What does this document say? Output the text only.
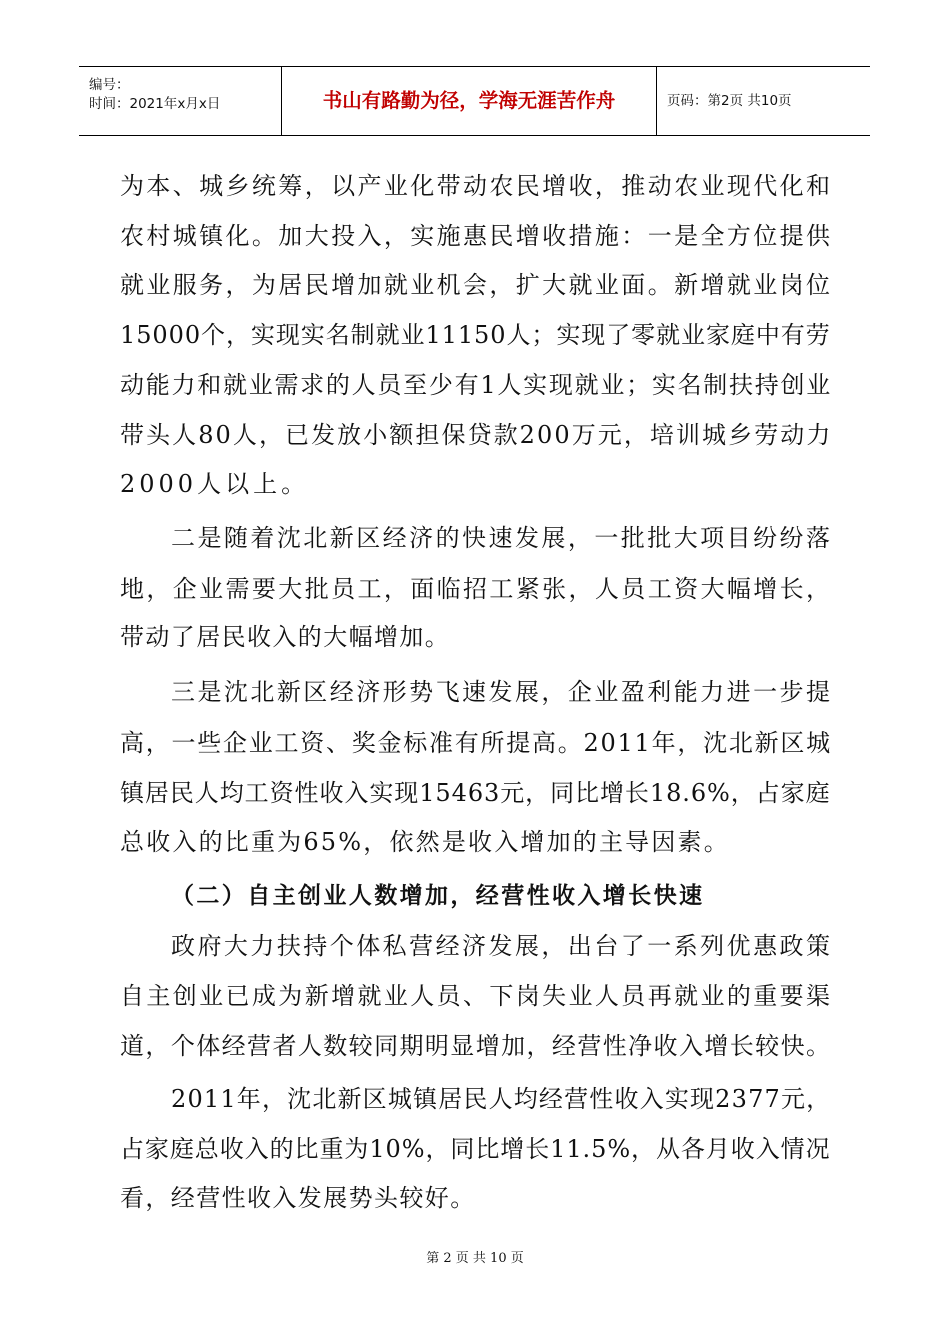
编号：
时间：2021年x月x日	书山有路勤为径，学海无涯苦作舟	页码：第2页 共10页
为本、城乡统筹，以产业化带动农民增收，推动农业现代化和
农村城镇化。加大投入，实施惠民增收措施：一是全方位提供
就业服务，为居民增加就业机会，扩大就业面。新增就业岗位
15000个，实现实名制就业11150人；实现了零就业家庭中有劳
动能力和就业需求的人员至少有1人实现就业；实名制扶持创业
带头人80人，已发放小额担保贷款200万元，培训城乡劳动力
2000人以上。
二是随着沈北新区经济的快速发展，一批批大项目纷纷落
地，企业需要大批员工，面临招工紧张，人员工资大幅增长，
带动了居民收入的大幅增加。
三是沈北新区经济形势飞速发展，企业盈利能力进一步提
高，一些企业工资、奖金标准有所提高。2011年，沈北新区城
镇居民人均工资性收入实现15463元，同比增长18.6%，占家庭
总收入的比重为65%，依然是收入增加的主导因素。
（二）自主创业人数增加，经营性收入增长快速
政府大力扶持个体私营经济发展，出台了一系列优惠政策
自主创业已成为新增就业人员、下岗失业人员再就业的重要渠
道，个体经营者人数较同期明显增加，经营性净收入增长较快。
2011年，沈北新区城镇居民人均经营性收入实现2377元，
占家庭总收入的比重为10%，同比增长11.5%，从各月收入情况
看，经营性收入发展势头较好。
第 2 页 共 10 页
